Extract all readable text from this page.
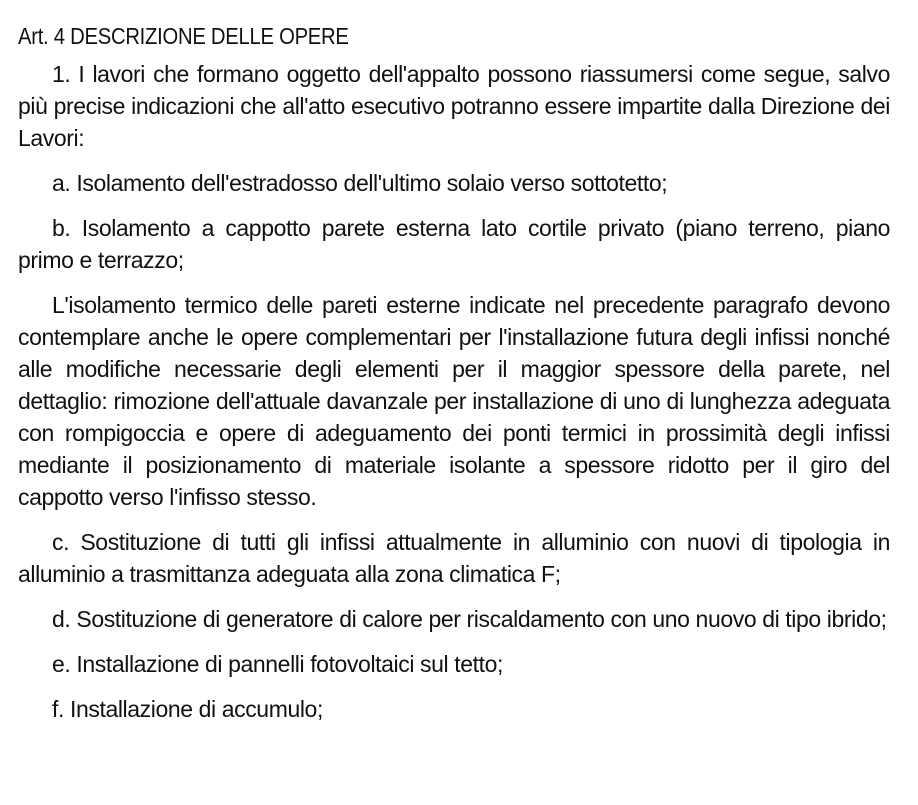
Art. 4 DESCRIZIONE DELLE OPERE

1. I lavori che formano oggetto dell'appalto possono riassumersi come segue, salvo più precise indicazioni che all'atto esecutivo potranno essere impartite dalla Direzione dei Lavori:

a. Isolamento dell'estradosso dell'ultimo solaio verso sottotetto;

b. Isolamento a cappotto parete esterna lato cortile privato (piano terreno, piano primo e terrazzo;

L'isolamento termico delle pareti esterne indicate nel precedente paragrafo devono contemplare anche le opere complementari per l'installazione futura degli infissi nonché alle modifiche necessarie degli elementi per il maggior spessore della parete, nel dettaglio: rimozione dell'attuale davanzale per installazione di uno di lunghezza adeguata con rompigoccia e opere di adeguamento dei ponti termici in prossimità degli infissi mediante il posizionamento di materiale isolante a spessore ridotto per il giro del cappotto verso l'infisso stesso.

c. Sostituzione di tutti gli infissi attualmente in alluminio con nuovi di tipologia in alluminio a trasmittanza adeguata alla zona climatica F;

d. Sostituzione di generatore di calore per riscaldamento con uno nuovo di tipo ibrido;

e. Installazione di pannelli fotovoltaici sul tetto;

f. Installazione di accumulo;
